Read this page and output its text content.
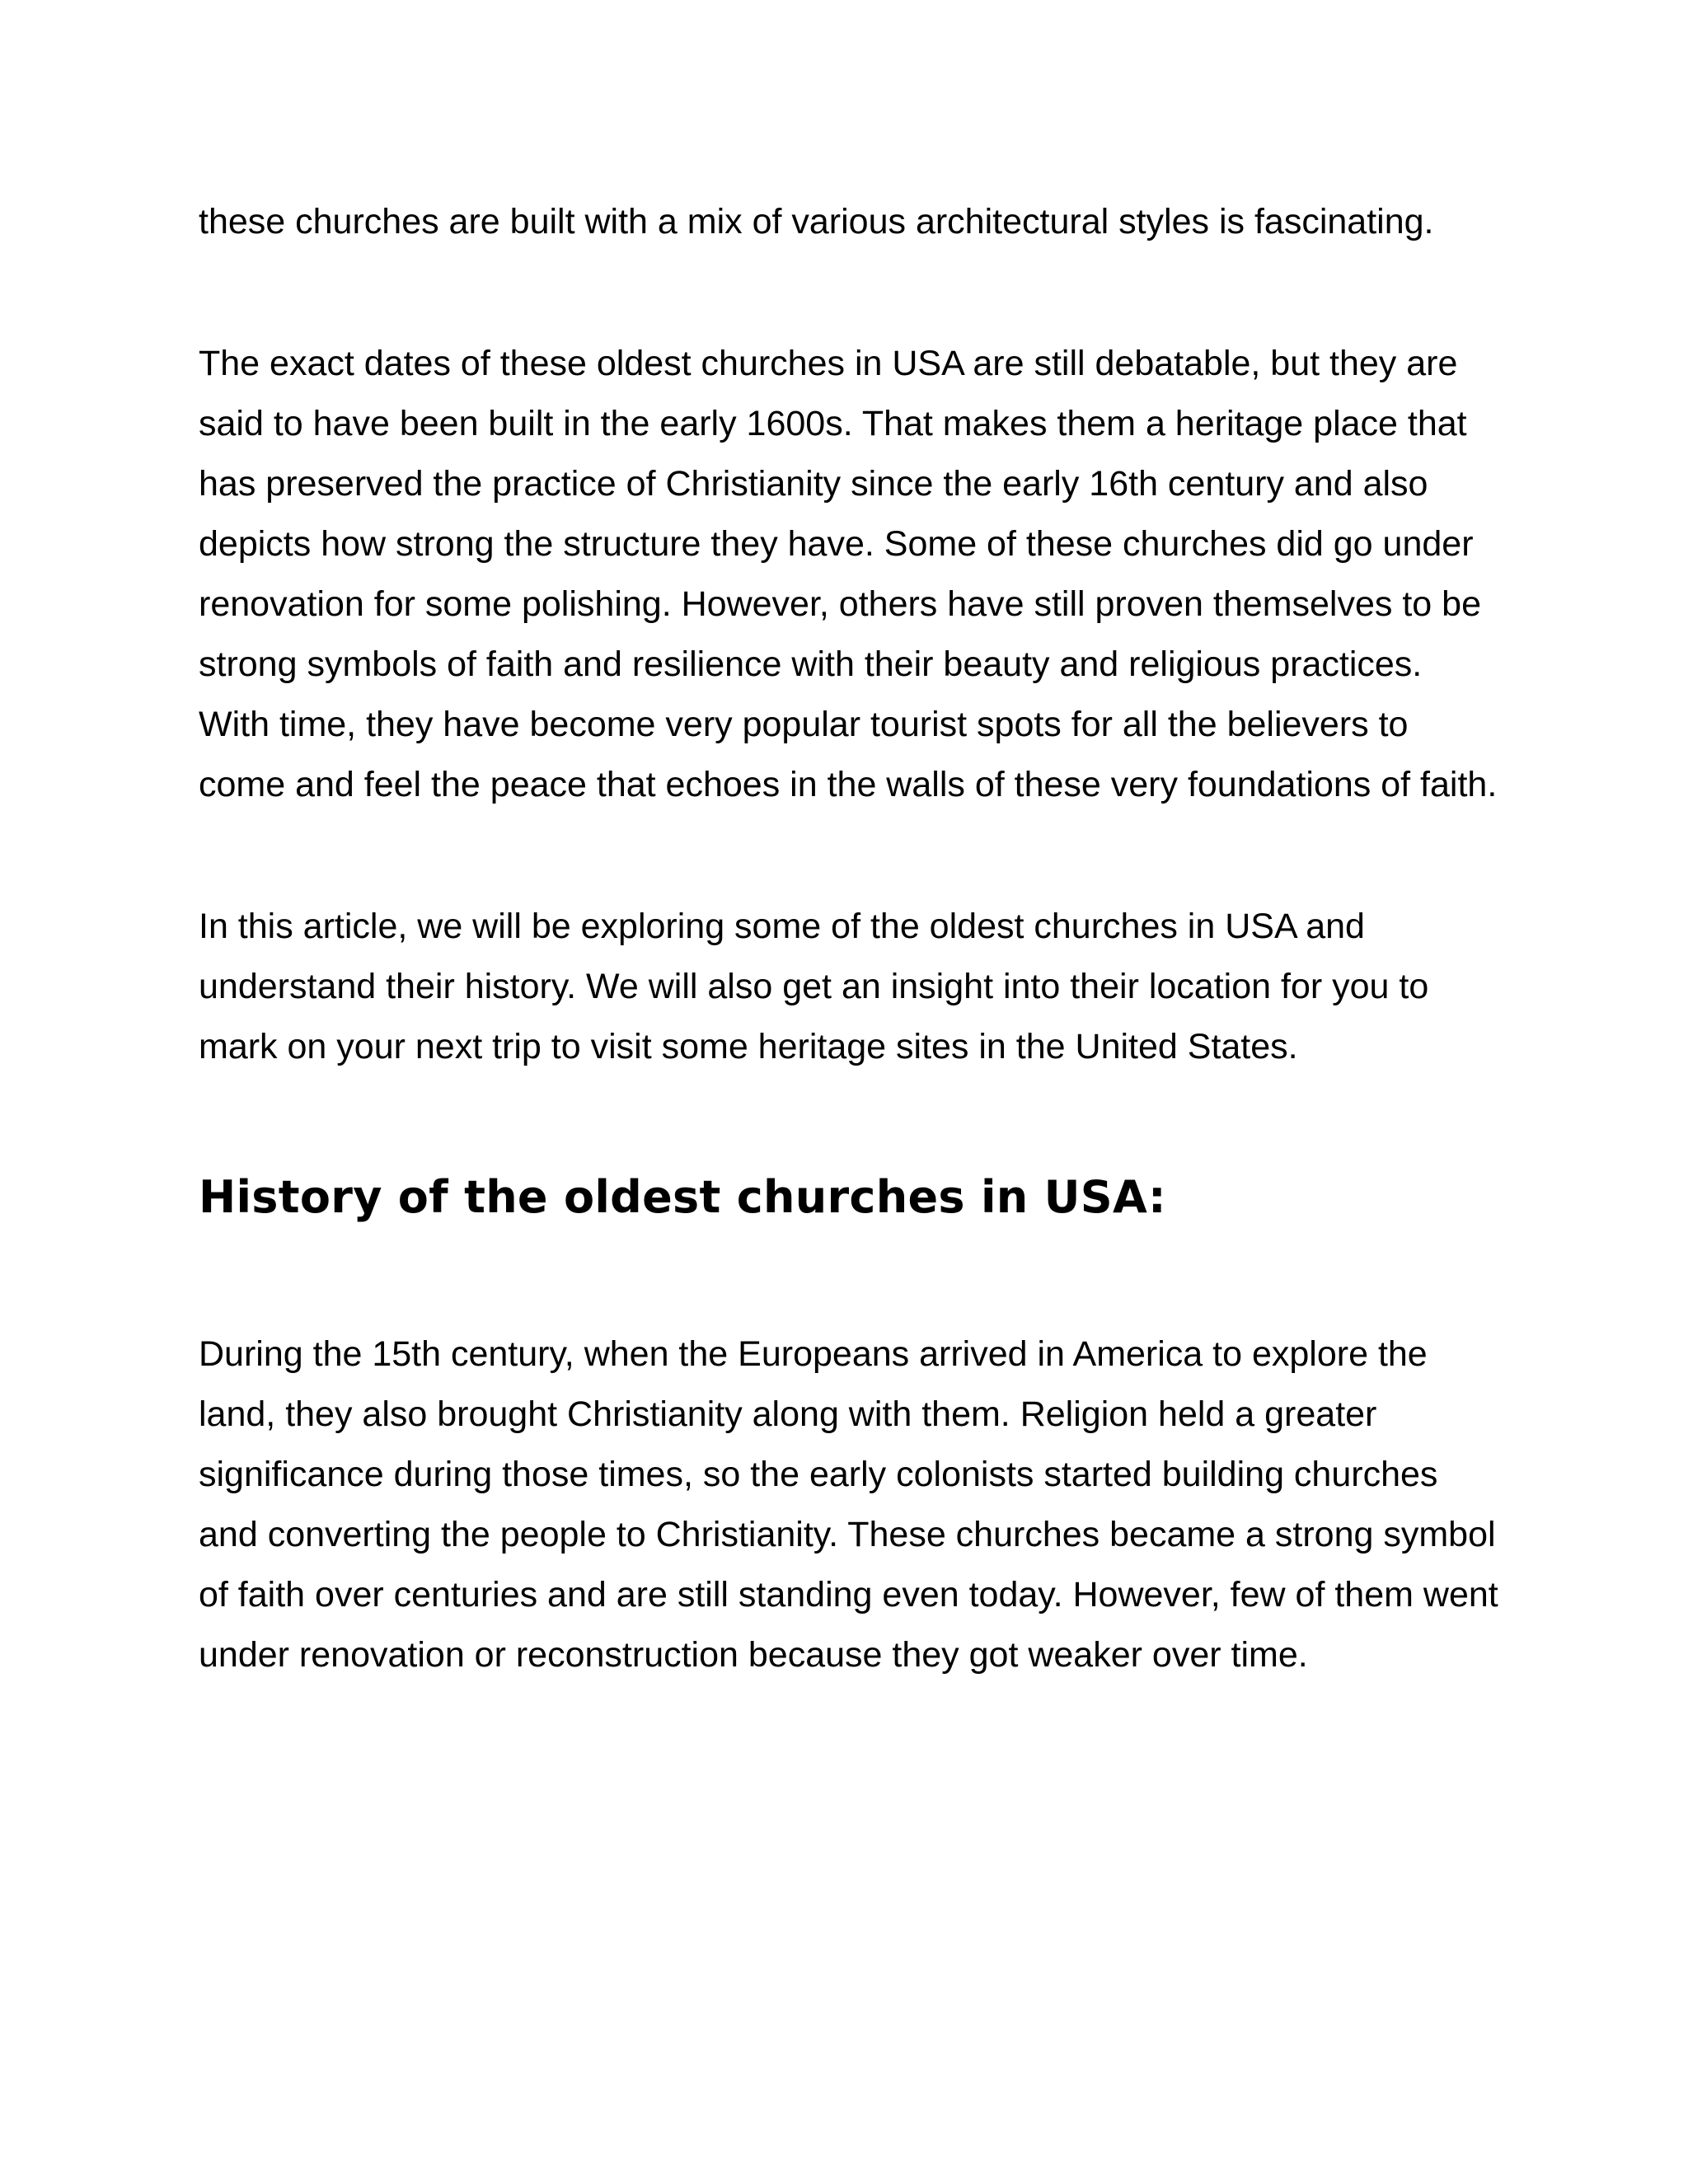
these churches are built with a mix of various architectural styles is fascinating.

The exact dates of these oldest churches in USA are still debatable, but they are said to have been built in the early 1600s. That makes them a heritage place that has preserved the practice of Christianity since the early 16th century and also depicts how strong the structure they have. Some of these churches did go under renovation for some polishing. However, others have still proven themselves to be strong symbols of faith and resilience with their beauty and religious practices. With time, they have become very popular tourist spots for all the believers to come and feel the peace that echoes in the walls of these very foundations of faith.

In this article, we will be exploring some of the oldest churches in USA and understand their history. We will also get an insight into their location for you to mark on your next trip to visit some heritage sites in the United States.

History of the oldest churches in USA:

During the 15th century, when the Europeans arrived in America to explore the land, they also brought Christianity along with them. Religion held a greater significance during those times, so the early colonists started building churches and converting the people to Christianity. These churches became a strong symbol of faith over centuries and are still standing even today. However, few of them went under renovation or reconstruction because they got weaker over time.
